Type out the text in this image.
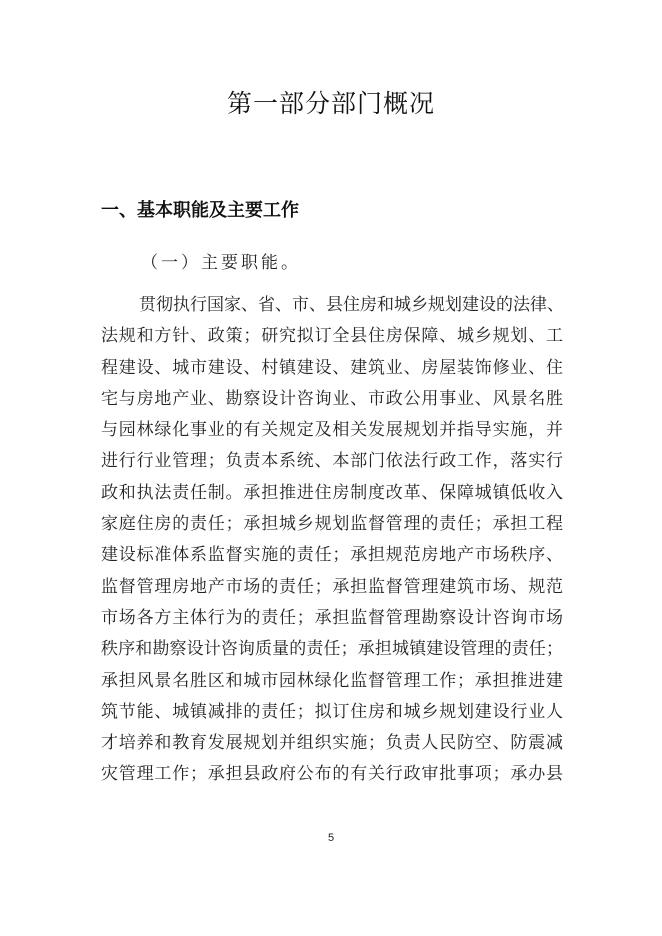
第一部分部门概况
一、基本职能及主要工作
（一）主要职能。
贯彻执行国家、省、市、县住房和城乡规划建设的法律、
法规和方针、政策；研究拟订全县住房保障、城乡规划、工
程建设、城市建设、村镇建设、建筑业、房屋装饰修业、住
宅与房地产业、勘察设计咨询业、市政公用事业、风景名胜
与园林绿化事业的有关规定及相关发展规划并指导实施，并
进行行业管理；负责本系统、本部门依法行政工作，落实行
政和执法责任制。承担推进住房制度改革、保障城镇低收入
家庭住房的责任；承担城乡规划监督管理的责任；承担工程
建设标准体系监督实施的责任；承担规范房地产市场秩序、
监督管理房地产市场的责任；承担监督管理建筑市场、规范
市场各方主体行为的责任；承担监督管理勘察设计咨询市场
秩序和勘察设计咨询质量的责任；承担城镇建设管理的责任；
承担风景名胜区和城市园林绿化监督管理工作；承担推进建
筑节能、城镇减排的责任；拟订住房和城乡规划建设行业人
才培养和教育发展规划并组织实施；负责人民防空、防震减
灾管理工作；承担县政府公布的有关行政审批事项；承办县
5
